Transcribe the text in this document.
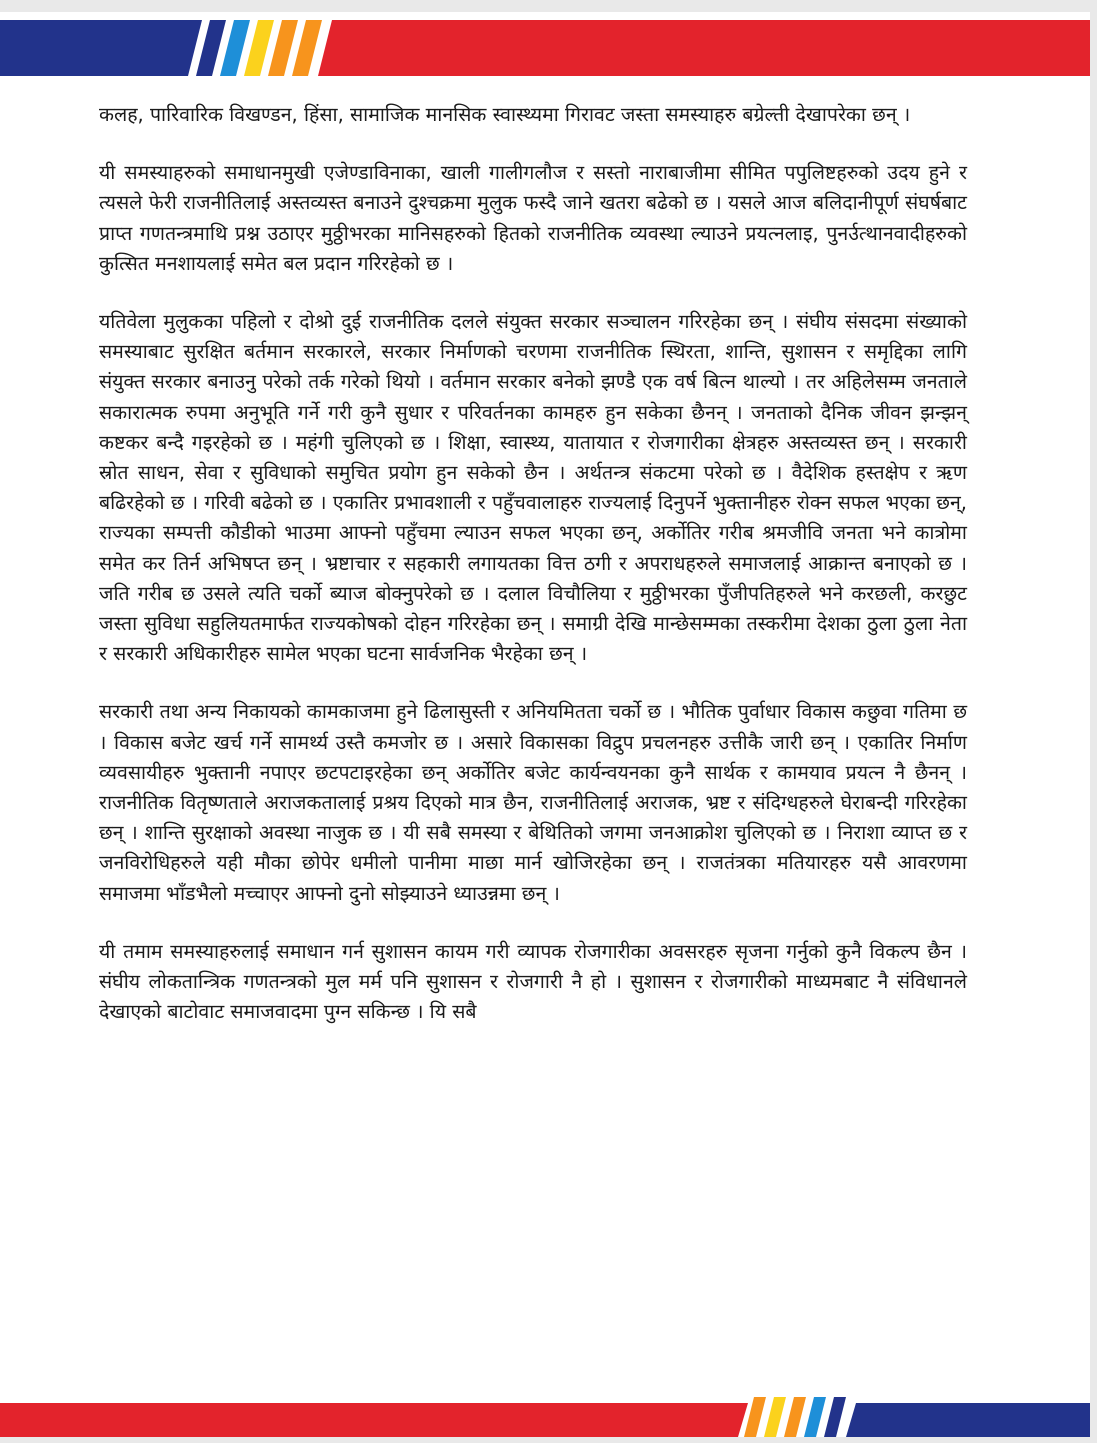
कलह, पारिवारिक विखण्डन, हिंसा, सामाजिक मानसिक स्वास्थ्यमा गिरावट जस्ता समस्याहरु बग्रेल्ती देखापरेका छन् ।

यी समस्याहरुको समाधानमुखी एजेण्डाविनाका, खाली गालीगलौज र सस्तो नाराबाजीमा सीमित पपुलिष्टहरुको उदय हुने र त्यसले फेरी राजनीतिलाई अस्तव्यस्त बनाउने दुश्चक्रमा मुलुक फस्दै जाने खतरा बढेको छ । यसले आज बलिदानीपूर्ण संघर्षबाट प्राप्त गणतन्त्रमाथि प्रश्न उठाएर मुठ्ठीभरका मानिसहरुको हितको राजनीतिक व्यवस्था ल्याउने प्रयत्नलाइ, पुनर्उत्थानवादीहरुकाे कुत्सित मनशायलाई समेत बल प्रदान गरिरहेको छ ।

यतिवेला मुलुकका पहिलो र दोश्रो दुई राजनीतिक दलले संयुक्त सरकार सञ्चालन गरिरहेका छन् । संघीय संसदमा संख्याको समस्याबाट सुरक्षित बर्तमान सरकारले, सरकार निर्माणको चरणमा राजनीतिक स्थिरता, शान्ति, सुशासन र समृद्दिका लागि संयुक्त सरकार बनाउनु परेको तर्क गरेको थियो । वर्तमान सरकार बनेको झण्डै एक वर्ष बित्न थाल्यो । तर अहिलेसम्म जनताले सकारात्मक रुपमा अनुभूति गर्ने गरी कुनै सुधार र परिवर्तनका कामहरु हुन सकेका छैनन् । जनताको दैनिक जीवन झन्झन् कष्टकर बन्दै गइरहेको छ । महंगी चुलिएको छ । शिक्षा, स्वास्थ्य, यातायात र रोजगारीका क्षेत्रहरु अस्तव्यस्त छन् । सरकारी स्रोत साधन, सेवा र सुविधाको समुचित प्रयोग हुन सकेको छैन । अर्थतन्त्र संकटमा परेको छ । वैदेशिक हस्तक्षेप र ऋण बढिरहेको छ । गरिवी बढेको छ । एकातिर प्रभावशाली र पहुँचवालाहरु राज्यलाई दिनुपर्ने भुक्तानीहरु रोक्न सफल भएका छन्, राज्यका सम्पत्ती कौडीको भाउमा आफ्नो पहुँचमा ल्याउन सफल भएका छन्, अर्कोतिर गरीब श्रमजीवि जनता भने कात्रोमा समेत कर तिर्न अभिषप्त छन् । भ्रष्टाचार र सहकारी लगायतका वित्त ठगी र अपराधहरुले समाजलाई आक्रान्त बनाएको छ । जति गरीब छ उसले त्यति चर्को ब्याज बोक्नुपरेको छ । दलाल विचौलिया र मुठ्ठीभरका पुँजीपतिहरुले भने करछली, करछुट जस्ता सुविधा सहुलियतमार्फत राज्यकोषको दोहन गरिरहेका छन् । समाग्री देखि मान्छेसम्मका तस्करीमा देशका ठुला ठुला नेता र सरकारी अधिकारीहरु सामेल भएका घटना सार्वजनिक भैरहेका छन् ।

सरकारी तथा अन्य निकायको कामकाजमा हुने ढिलासुस्ती र अनियमितता चर्को छ । भौतिक पुर्वाधार विकास कछुवा गतिमा छ । विकास बजेट खर्च गर्ने सामर्थ्य उस्तै कमजोर छ । असारे विकासका विद्रुप प्रचलनहरु उत्तीकै जारी छन् । एकातिर निर्माण व्यवसायीहरु भुक्तानी नपाएर छटपटाइरहेका छन् अर्कोतिर बजेट कार्यन्वयनका कुनै सार्थक र कामयाव प्रयत्न नै छैनन् । राजनीतिक वितृष्णताले अराजकतालाई प्रश्रय दिएको मात्र छैन, राजनीतिलाई अराजक, भ्रष्ट र संदिग्धहरुले घेराबन्दी गरिरहेका छन् । शान्ति सुरक्षाको अवस्था नाजुक छ । यी सबै समस्या र बेथितिको जगमा जनआक्रोश चुलिएको छ । निराशा व्याप्त छ र जनविरोधिहरुले यही मौका छोपेर धमीलो पानीमा माछा मार्न खोजिरहेका छन् । राजतंत्रका मतियारहरु यसै आवरणमा समाजमा भाँडभैलो मच्चाएर आफ्नो दुनो सोझ्याउने ध्याउन्नमा छन् ।

यी तमाम समस्याहरुलाई समाधान गर्न सुशासन कायम गरी व्यापक रोजगारीका अवसरहरु सृजना गर्नुको कुनै विकल्प छैन । संघीय लोकतान्त्रिक गणतन्त्रको मुल मर्म पनि सुशासन र रोजगारी नै हो । सुशासन र रोजगारीको माध्यमबाट नै संविधानले देखाएको बाटोवाट समाजवादमा पुग्न सकिन्छ । यि सबै
